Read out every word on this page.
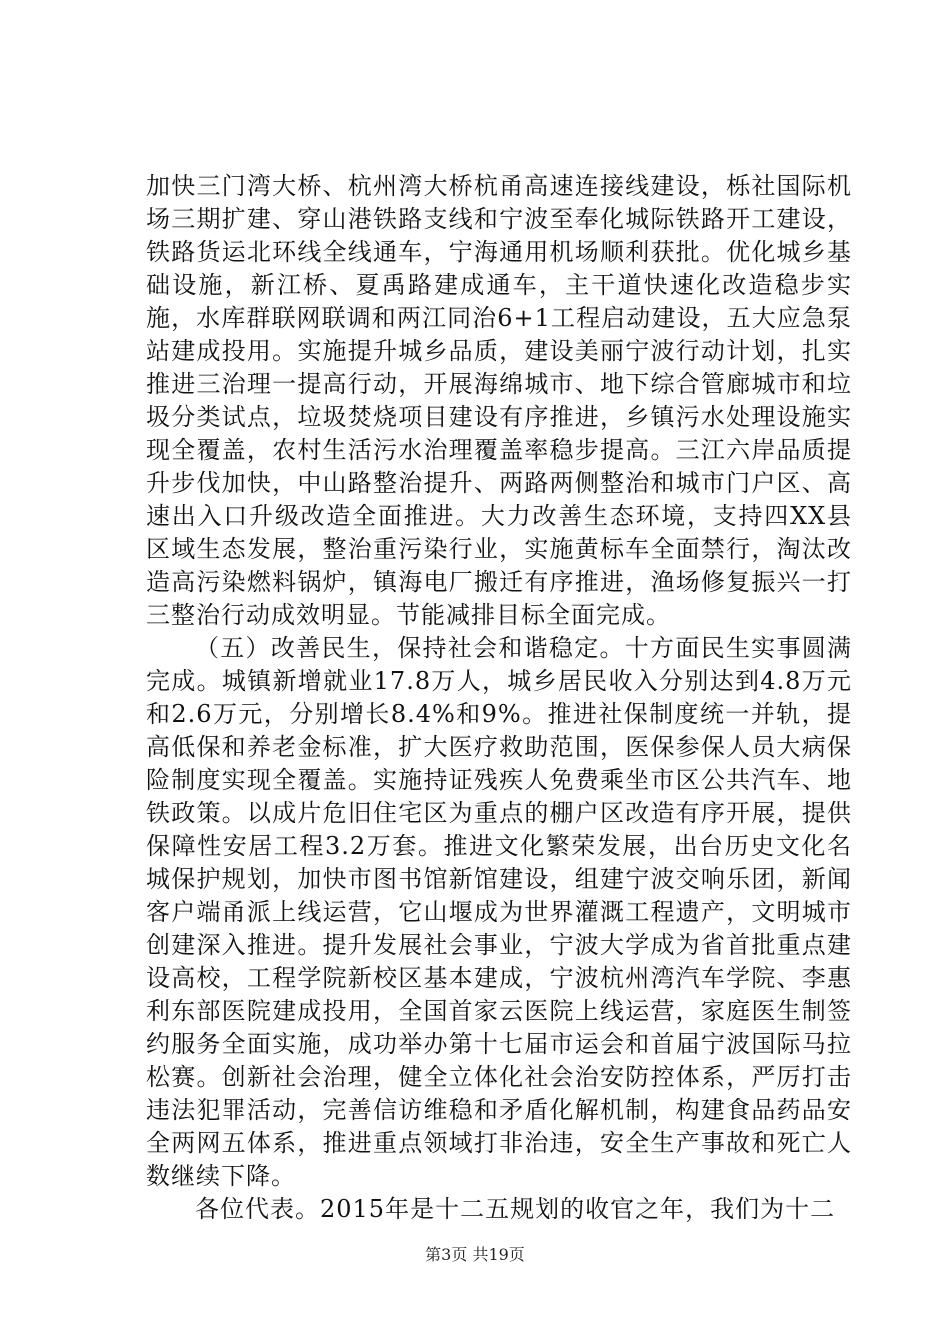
加快三门湾大桥、杭州湾大桥杭甬高速连接线建设，栎社国际机场三期扩建、穿山港铁路支线和宁波至奉化城际铁路开工建设，铁路货运北环线全线通车，宁海通用机场顺利获批。优化城乡基础设施，新江桥、夏禹路建成通车，主干道快速化改造稳步实施，水库群联网联调和两江同治6+1工程启动建设，五大应急泵站建成投用。实施提升城乡品质，建设美丽宁波行动计划，扎实推进三治理一提高行动，开展海绵城市、地下综合管廊城市和垃圾分类试点，垃圾焚烧项目建设有序推进，乡镇污水处理设施实现全覆盖，农村生活污水治理覆盖率稳步提高。三江六岸品质提升步伐加快，中山路整治提升、两路两侧整治和城市门户区、高速出入口升级改造全面推进。大力改善生态环境，支持四XX县区域生态发展，整治重污染行业，实施黄标车全面禁行，淘汰改造高污染燃料锅炉，镇海电厂搬迁有序推进，渔场修复振兴一打三整治行动成效明显。节能减排目标全面完成。

（五）改善民生，保持社会和谐稳定。十方面民生实事圆满完成。城镇新增就业17.8万人，城乡居民收入分别达到4.8万元和2.6万元，分别增长8.4%和9%。推进社保制度统一并轨，提高低保和养老金标准，扩大医疗救助范围，医保参保人员大病保险制度实现全覆盖。实施持证残疾人免费乘坐市区公共汽车、地铁政策。以成片危旧住宅区为重点的棚户区改造有序开展，提供保障性安居工程3.2万套。推进文化繁荣发展，出台历史文化名城保护规划，加快市图书馆新馆建设，组建宁波交响乐团，新闻客户端甬派上线运营，它山堰成为世界灌溉工程遗产，文明城市创建深入推进。提升发展社会事业，宁波大学成为省首批重点建设高校，工程学院新校区基本建成，宁波杭州湾汽车学院、李惠利东部医院建成投用，全国首家云医院上线运营，家庭医生制签约服务全面实施，成功举办第十七届市运会和首届宁波国际马拉松赛。创新社会治理，健全立体化社会治安防控体系，严厉打击违法犯罪活动，完善信访维稳和矛盾化解机制，构建食品药品安全两网五体系，推进重点领域打非治违，安全生产事故和死亡人数继续下降。

各位代表。2015年是十二五规划的收官之年，我们为十二

第3页 共19页
